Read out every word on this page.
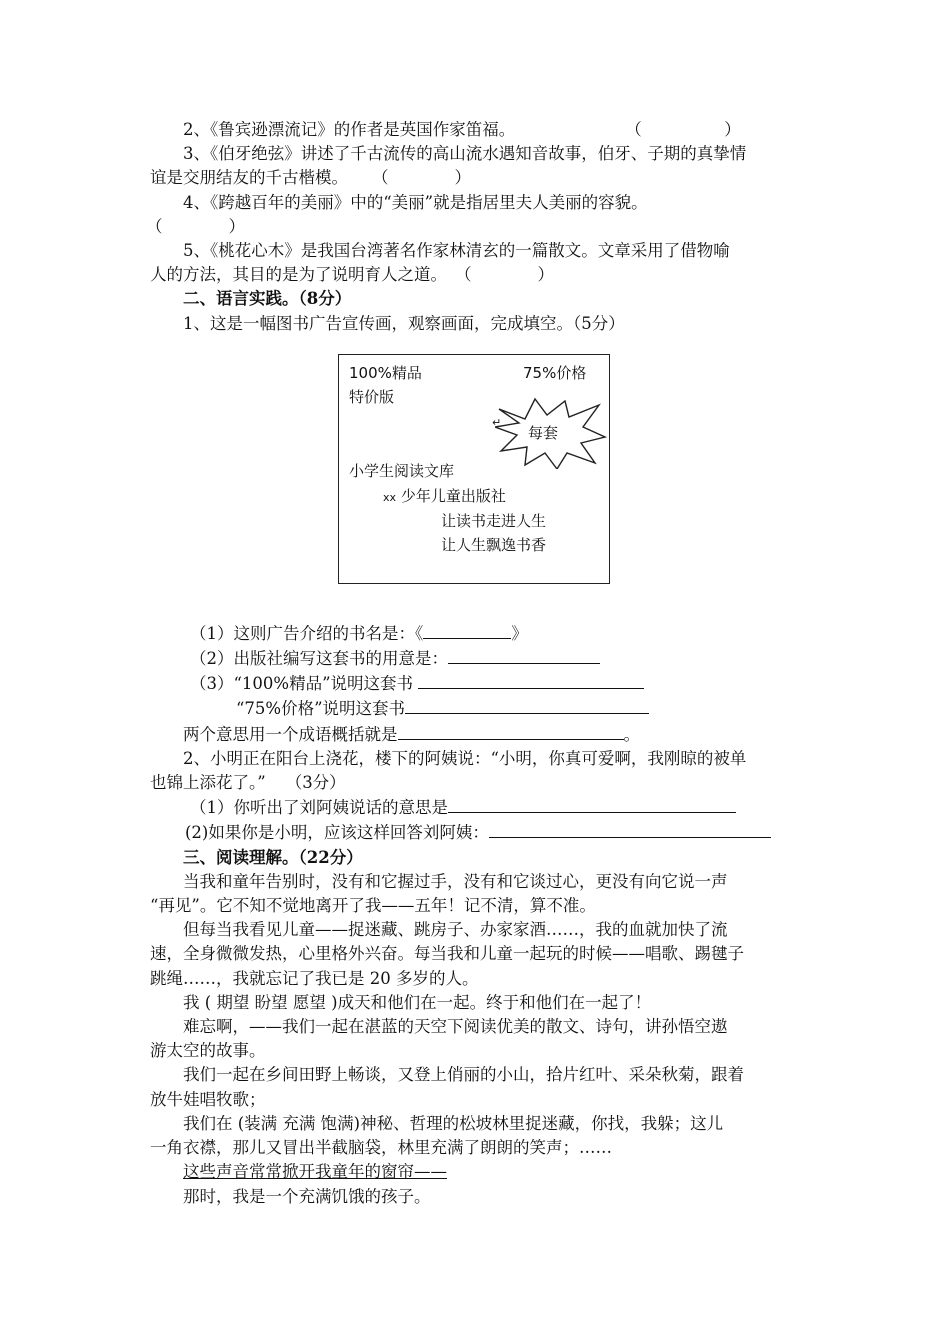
2、《鲁宾逊漂流记》的作者是英国作家笛福。	（　　　　　）

3、《伯牙绝弦》讲述了千古流传的高山流水遇知音故事，伯牙、子期的真挚情

谊是交朋结友的千古楷模。 （　　　　）

4、《跨越百年的美丽》中的“美丽”就是指居里夫人美丽的容貌。

（　　　　）

5、《桃花心木》是我国台湾著名作家林清玄的一篇散文。文章采用了借物喻

人的方法，其目的是为了说明育人之道。 （　　　　）

二、语言实践。（8分）

1、这是一幅图书广告宣传画，观察画面，完成填空。（5分）

100%精品	75%价格
特价版
↵
每套
小学生阅读文库
xx 少年儿童出版社
让读书走进人生
让人生飘逸书香

（1）这则广告介绍的书名是：《	》

（2）出版社编写这套书的用意是：

（3）“100%精品”说明这套书

“75%价格”说明这套书

两个意思用一个成语概括就是	。

2、小明正在阳台上浇花，楼下的阿姨说：“小明，你真可爱啊，我刚晾的被单

也锦上添花了。” （3分）

（1）你听出了刘阿姨说话的意思是

(2)如果你是小明，应该这样回答刘阿姨：

三、阅读理解。（22分）

当我和童年告别时，没有和它握过手，没有和它谈过心，更没有向它说一声

“再见”。它不知不觉地离开了我——五年！记不清，算不准。

但每当我看见儿童——捉迷藏、跳房子、办家家酒……，我的血就加快了流

速，全身微微发热，心里格外兴奋。每当我和儿童一起玩的时候——唱歌、踢毽子

跳绳……，我就忘记了我已是 20 多岁的人。

我 ( 期望 盼望 愿望 )成天和他们在一起。终于和他们在一起了！

难忘啊，——我们一起在湛蓝的天空下阅读优美的散文、诗句，讲孙悟空遨

游太空的故事。

我们一起在乡间田野上畅谈，又登上俏丽的小山，拾片红叶、采朵秋菊，跟着

放牛娃唱牧歌；

我们在 (装满 充满 饱满)神秘、哲理的松坡林里捉迷藏，你找，我躲；这儿

一角衣襟，那儿又冒出半截脑袋，林里充满了朗朗的笑声；……

这些声音常常掀开我童年的窗帘——

那时，我是一个充满饥饿的孩子。
